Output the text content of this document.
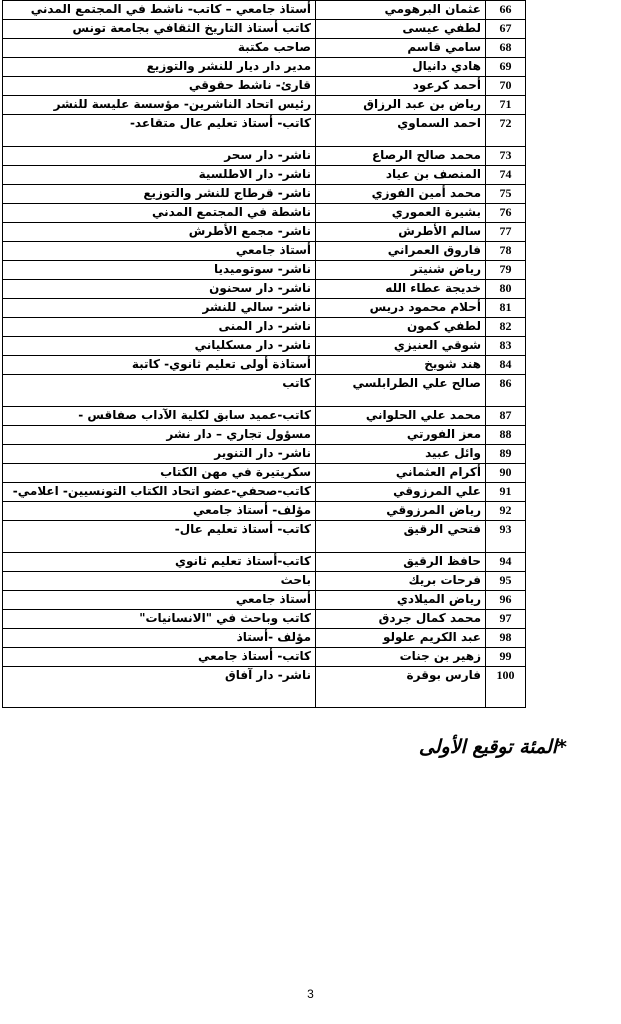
66	عثمان البرهومي	أستاذ جامعي – كاتب- ناشط في المجتمع المدني
67	لطفي عيسى	كاتب أستاذ التاريخ الثقافي بجامعة تونس
68	سامي قاسم	صاحب مكتبة
69	هادي دانيال	مدير دار ديار للنشر والتوزيع
70	أحمد كرعود	قارئ- ناشط حقوقي
71	رياض بن عبد الرزاق	رئيس اتحاد الناشرين- مؤسسة عليسة للنشر
72	احمد السماوي	كاتب- أستاذ تعليم عال متقاعد-
73	محمد صالح الرصاع	ناشر- دار سحر
74	المنصف بن عياد	ناشر- دار الاطلسية
75	محمد أمين الفوزي	ناشر- قرطاج للنشر والتوزيع
76	بشيرة العموري	ناشطة في المجتمع المدني
77	سالم الأطرش	ناشر- مجمع الأطرش
78	فاروق العمراني	أستاذ جامعي
79	رياض شنيتر	ناشر- سوتوميديا
80	خديجة عطاء الله	ناشر- دار سحنون
81	أحلام محمود دريس	ناشر- سالي للنشر
82	لطفي كمون	ناشر- دار المنى
83	شوقي العنيزي	ناشر- دار مسكلياني
84	هند شويخ	أستاذة أولى تعليم ثانوي- كاتبة
86	صالح علي الطرابلسي	كاتب
87	محمد علي الحلواني	كاتب-عميد سابق لكلية الآداب صفاقس -
88	معز الفورتي	مسؤول تجاري – دار نشر
89	وائل عبيد	ناشر- دار التنوير
90	أكرام العثماني	سكريتيرة في مهن الكتاب
91	علي المرزوقي	كاتب-صحفي-عضو اتحاد الكتاب التونسيين- اعلامي-
92	رياض المرزوقي	مؤلف- أستاذ جامعي
93	فتحي الرقيق	كاتب- أستاذ تعليم عال-
94	حافظ الرقيق	كاتب-أستاذ تعليم ثانوي
95	فرحات بريك	باحث
96	رياض الميلادي	أستاذ جامعي
97	محمد كمال جردق	كاتب وباحث في "الانسانيات"
98	عبد الكريم علولو	مؤلف -أستاذ
99	زهير بن جنات	كاتب- أستاذ جامعي
100	فارس بوقرة	ناشر- دار آفاق
*المئة توقيع الأولى
3
